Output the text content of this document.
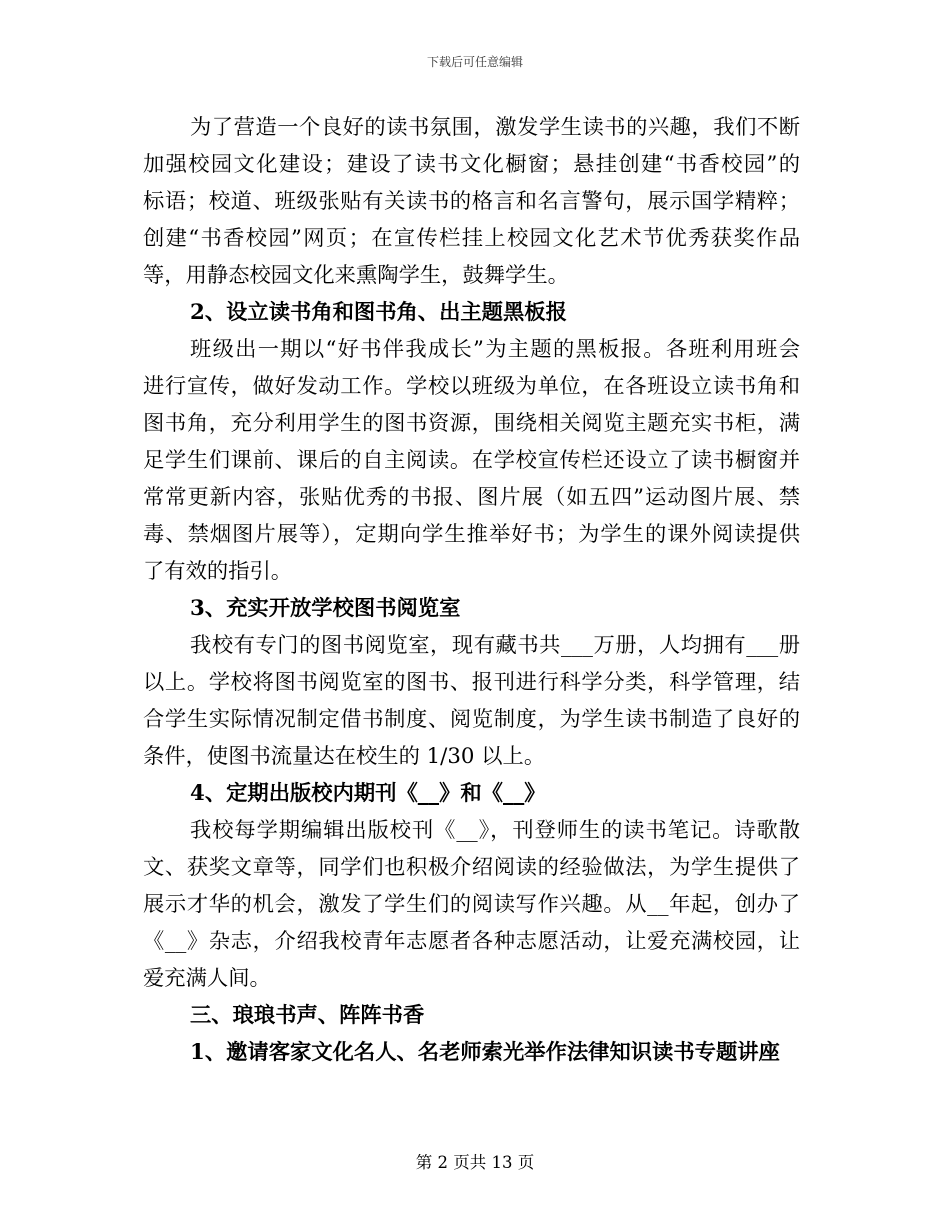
下载后可任意编辑
为了营造一个良好的读书氛围，激发学生读书的兴趣，我们不断
加强校园文化建设；建设了读书文化橱窗；悬挂创建“书香校园”的
标语；校道、班级张贴有关读书的格言和名言警句，展示国学精粹；
创建“书香校园”网页；在宣传栏挂上校园文化艺术节优秀获奖作品
等，用静态校园文化来熏陶学生，鼓舞学生。
2、设立读书角和图书角、出主题黑板报
班级出一期以“好书伴我成长”为主题的黑板报。各班利用班会
进行宣传，做好发动工作。学校以班级为单位，在各班设立读书角和
图书角，充分利用学生的图书资源，围绕相关阅览主题充实书柜，满
足学生们课前、课后的自主阅读。在学校宣传栏还设立了读书橱窗并
常常更新内容，张贴优秀的书报、图片展（如五四”运动图片展、禁
毒、禁烟图片展等），定期向学生推举好书；为学生的课外阅读提供
了有效的指引。
3、充实开放学校图书阅览室
我校有专门的图书阅览室，现有藏书共___万册，人均拥有___册
以上。学校将图书阅览室的图书、报刊进行科学分类，科学管理，结
合学生实际情况制定借书制度、阅览制度，为学生读书制造了良好的
条件，使图书流量达在校生的 1/30 以上。
4、定期出版校内期刊《__》和《__》
我校每学期编辑出版校刊《__》，刊登师生的读书笔记。诗歌散
文、获奖文章等，同学们也积极介绍阅读的经验做法，为学生提供了
展示才华的机会，激发了学生们的阅读写作兴趣。从__年起，创办了
《__》杂志，介绍我校青年志愿者各种志愿活动，让爱充满校园，让
爱充满人间。
三、琅琅书声、阵阵书香
1、邀请客家文化名人、名老师索光举作法律知识读书专题讲座
第 2 页共 13 页
